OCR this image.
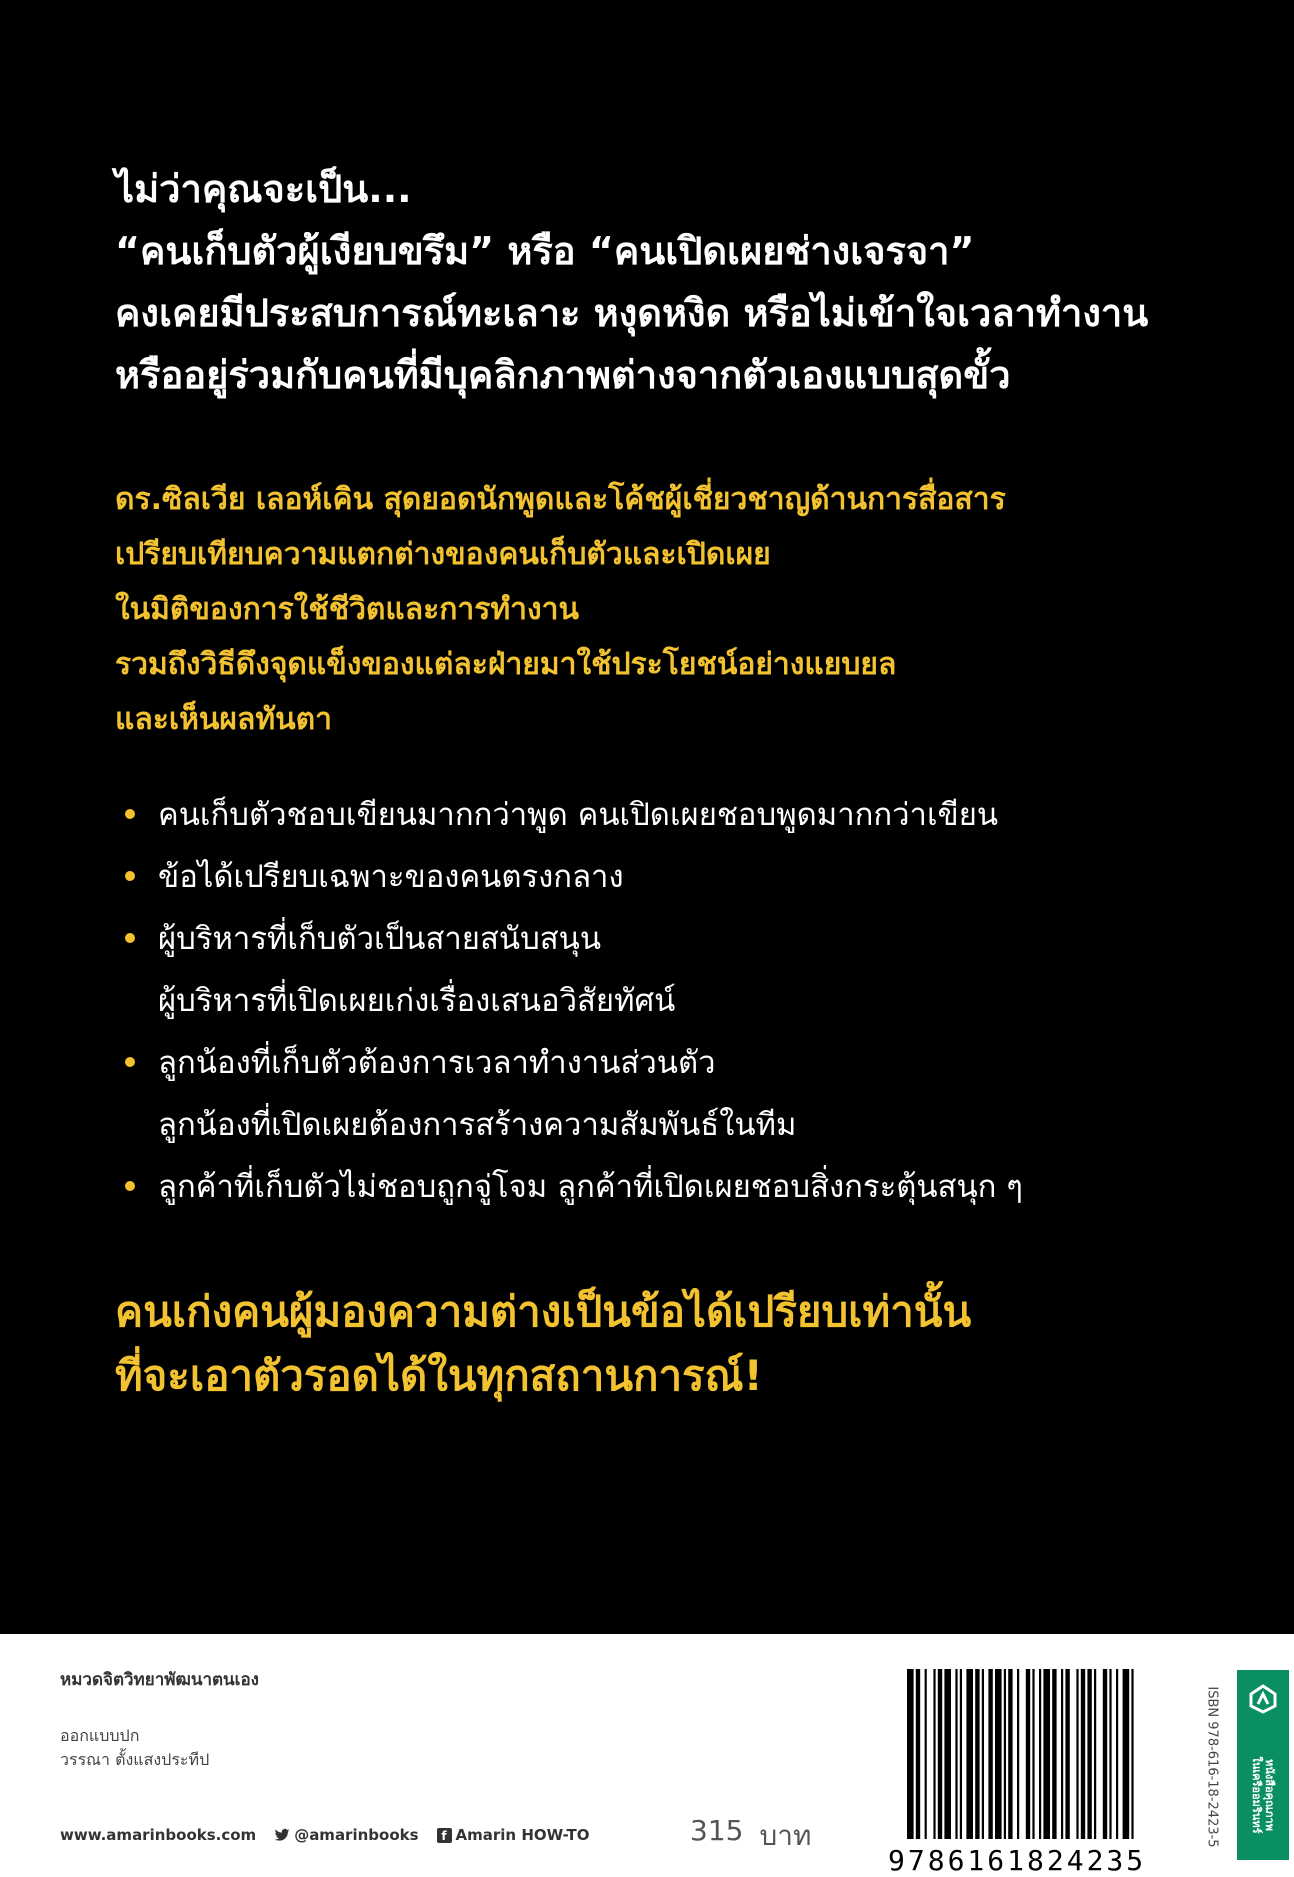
ไม่ว่าคุณจะเป็น...
“คนเก็บตัวผู้เงียบขรึม” หรือ “คนเปิดเผยช่างเจรจา”
คงเคยมีประสบการณ์ทะเลาะ หงุดหงิด หรือไม่เข้าใจเวลาทำงาน
หรืออยู่ร่วมกับคนที่มีบุคลิกภาพต่างจากตัวเองแบบสุดขั้ว
ดร.ซิลเวีย เลอห์เคิน สุดยอดนักพูดและโค้ชผู้เชี่ยวชาญด้านการสื่อสาร
เปรียบเทียบความแตกต่างของคนเก็บตัวและเปิดเผย
ในมิติของการใช้ชีวิตและการทำงาน
รวมถึงวิธีดึงจุดแข็งของแต่ละฝ่ายมาใช้ประโยชน์อย่างแยบยล
และเห็นผลทันตา
คนเก็บตัวชอบเขียนมากกว่าพูด คนเปิดเผยชอบพูดมากกว่าเขียน
ข้อได้เปรียบเฉพาะของคนตรงกลาง
ผู้บริหารที่เก็บตัวเป็นสายสนับสนุน
ผู้บริหารที่เปิดเผยเก่งเรื่องเสนอวิสัยทัศน์
ลูกน้องที่เก็บตัวต้องการเวลาทำงานส่วนตัว
ลูกน้องที่เปิดเผยต้องการสร้างความสัมพันธ์ในทีม
ลูกค้าที่เก็บตัวไม่ชอบถูกจู่โจม ลูกค้าที่เปิดเผยชอบสิ่งกระตุ้นสนุก ๆ
คนเก่งคนผู้มองความต่างเป็นข้อได้เปรียบเท่านั้น
ที่จะเอาตัวรอดได้ในทุกสถานการณ์!
หมวดจิตวิทยาพัฒนาตนเอง
ออกแบบปก
วรรณา ตั้งแสงประทีป
www.amarinbooks.com	@amarinbooks	f Amarin HOW-TO	315 บาท
9786161824235
ISBN 978-616-18-2423-5	หนังสือคุณภาพ
ในเครืออมรินทร์
